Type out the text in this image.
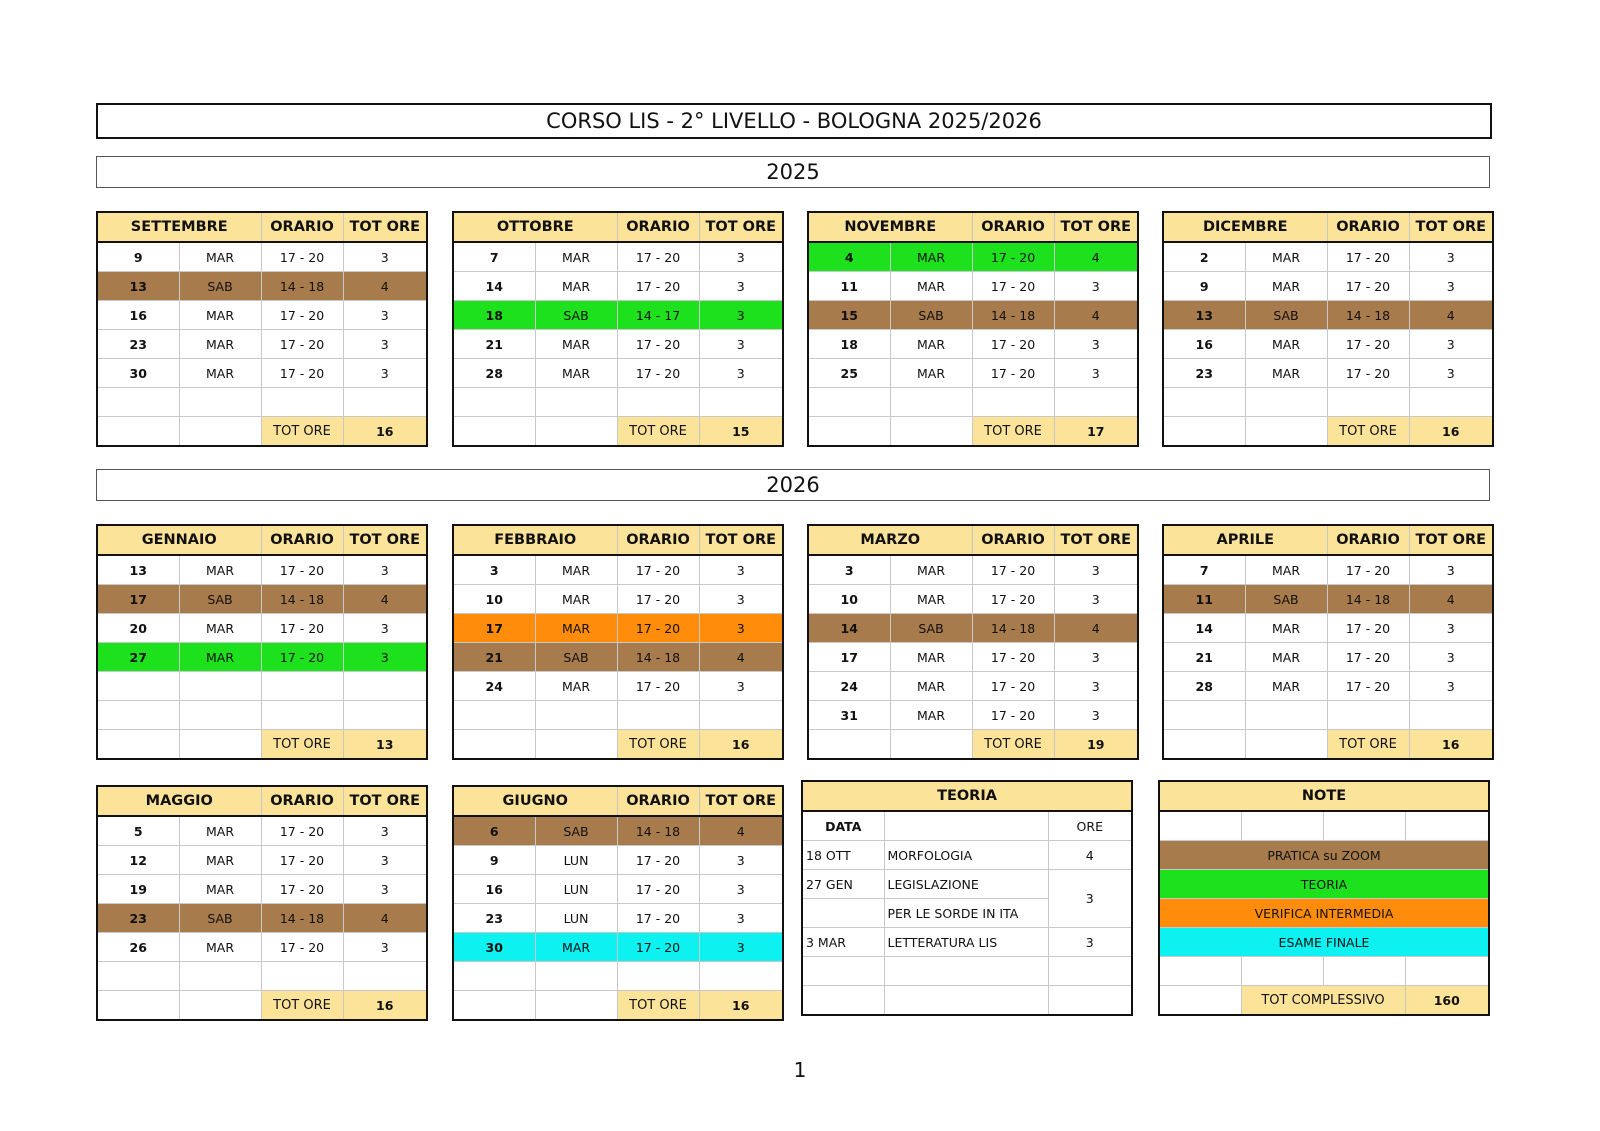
CORSO LIS - 2° LIVELLO - BOLOGNA 2025/2026
2025
2026
SETTEMBRE		ORARIO	TOT ORE
9	MAR	17 - 20	3
13	SAB	14 - 18	4
16	MAR	17 - 20	3
23	MAR	17 - 20	3
30	MAR	17 - 20	3

		TOT ORE	16
OTTOBRE		ORARIO	TOT ORE
7	MAR	17 - 20	3
14	MAR	17 - 20	3
18	SAB	14 - 17	3
21	MAR	17 - 20	3
28	MAR	17 - 20	3

		TOT ORE	15
NOVEMBRE		ORARIO	TOT ORE
4	MAR	17 - 20	4
11	MAR	17 - 20	3
15	SAB	14 - 18	4
18	MAR	17 - 20	3
25	MAR	17 - 20	3

		TOT ORE	17
DICEMBRE		ORARIO	TOT ORE
2	MAR	17 - 20	3
9	MAR	17 - 20	3
13	SAB	14 - 18	4
16	MAR	17 - 20	3
23	MAR	17 - 20	3

		TOT ORE	16
GENNAIO		ORARIO	TOT ORE
13	MAR	17 - 20	3
17	SAB	14 - 18	4
20	MAR	17 - 20	3
27	MAR	17 - 20	3

		TOT ORE	13
FEBBRAIO		ORARIO	TOT ORE
3	MAR	17 - 20	3
10	MAR	17 - 20	3
17	MAR	17 - 20	3
21	SAB	14 - 18	4
24	MAR	17 - 20	3

		TOT ORE	16
MARZO		ORARIO	TOT ORE
3	MAR	17 - 20	3
10	MAR	17 - 20	3
14	SAB	14 - 18	4
17	MAR	17 - 20	3
24	MAR	17 - 20	3
31	MAR	17 - 20	3
		TOT ORE	19
APRILE		ORARIO	TOT ORE
7	MAR	17 - 20	3
11	SAB	14 - 18	4
14	MAR	17 - 20	3
21	MAR	17 - 20	3
28	MAR	17 - 20	3

		TOT ORE	16
MAGGIO		ORARIO	TOT ORE
5	MAR	17 - 20	3
12	MAR	17 - 20	3
19	MAR	17 - 20	3
23	SAB	14 - 18	4
26	MAR	17 - 20	3

		TOT ORE	16
GIUGNO		ORARIO	TOT ORE
6	SAB	14 - 18	4
9	LUN	17 - 20	3
16	LUN	17 - 20	3
23	LUN	17 - 20	3
30	MAR	17 - 20	3

		TOT ORE	16
TEORIA		
DATA		ORE
18 OTT	MORFOLOGIA	4
27 GEN	LEGISLAZIONE	3
	PER LE SORDE IN ITA	
3 MAR	LETTERATURA LIS	3

NOTE			

PRATICA su ZOOM			
TEORIA			
VERIFICA INTERMEDIA			
ESAME FINALE			

	TOT COMPLESSIVO		160
1
